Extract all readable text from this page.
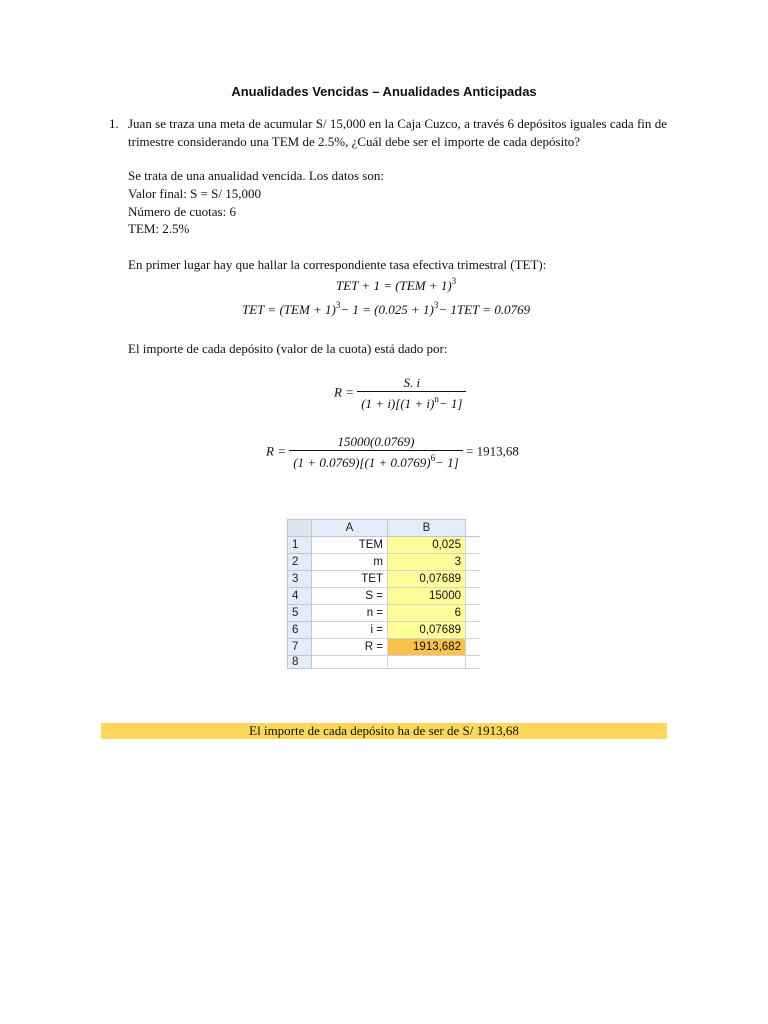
Anualidades Vencidas – Anualidades Anticipadas
1. Juan se traza una meta de acumular S/ 15,000 en la Caja Cuzco, a través 6 depósitos iguales cada fin de trimestre considerando una TEM de 2.5%, ¿Cuál debe ser el importe de cada depósito?
Se trata de una anualidad vencida. Los datos son:
Valor final: S = S/ 15,000
Número de cuotas: 6
TEM: 2.5%
En primer lugar hay que hallar la correspondiente tasa efectiva trimestral (TET):
TET + 1 = (TEM + 1)$^3$
TET = $(TEM + 1)^3- 1 = (0.025 + 1)^3- 1TET = 0.0769$
El importe de cada depósito (valor de la cuota) está dado por:
$R = \frac{S. i}{(1 + i)[(1 + i)^n- 1]}$
$R = \frac{15000(0.0769)}{(1 + 0.0769)[(1 + 0.0769)^6- 1]} = 1913,68$
	A	B	
1	TEM	0,025	
2	m	3	
3	TET	0,07689	
4	S =	15000	
5	n =	6	
6	i =	0,07689	
7	R =	1913,682	
8			
El importe de cada depósito ha de ser de S/ 1913,68
